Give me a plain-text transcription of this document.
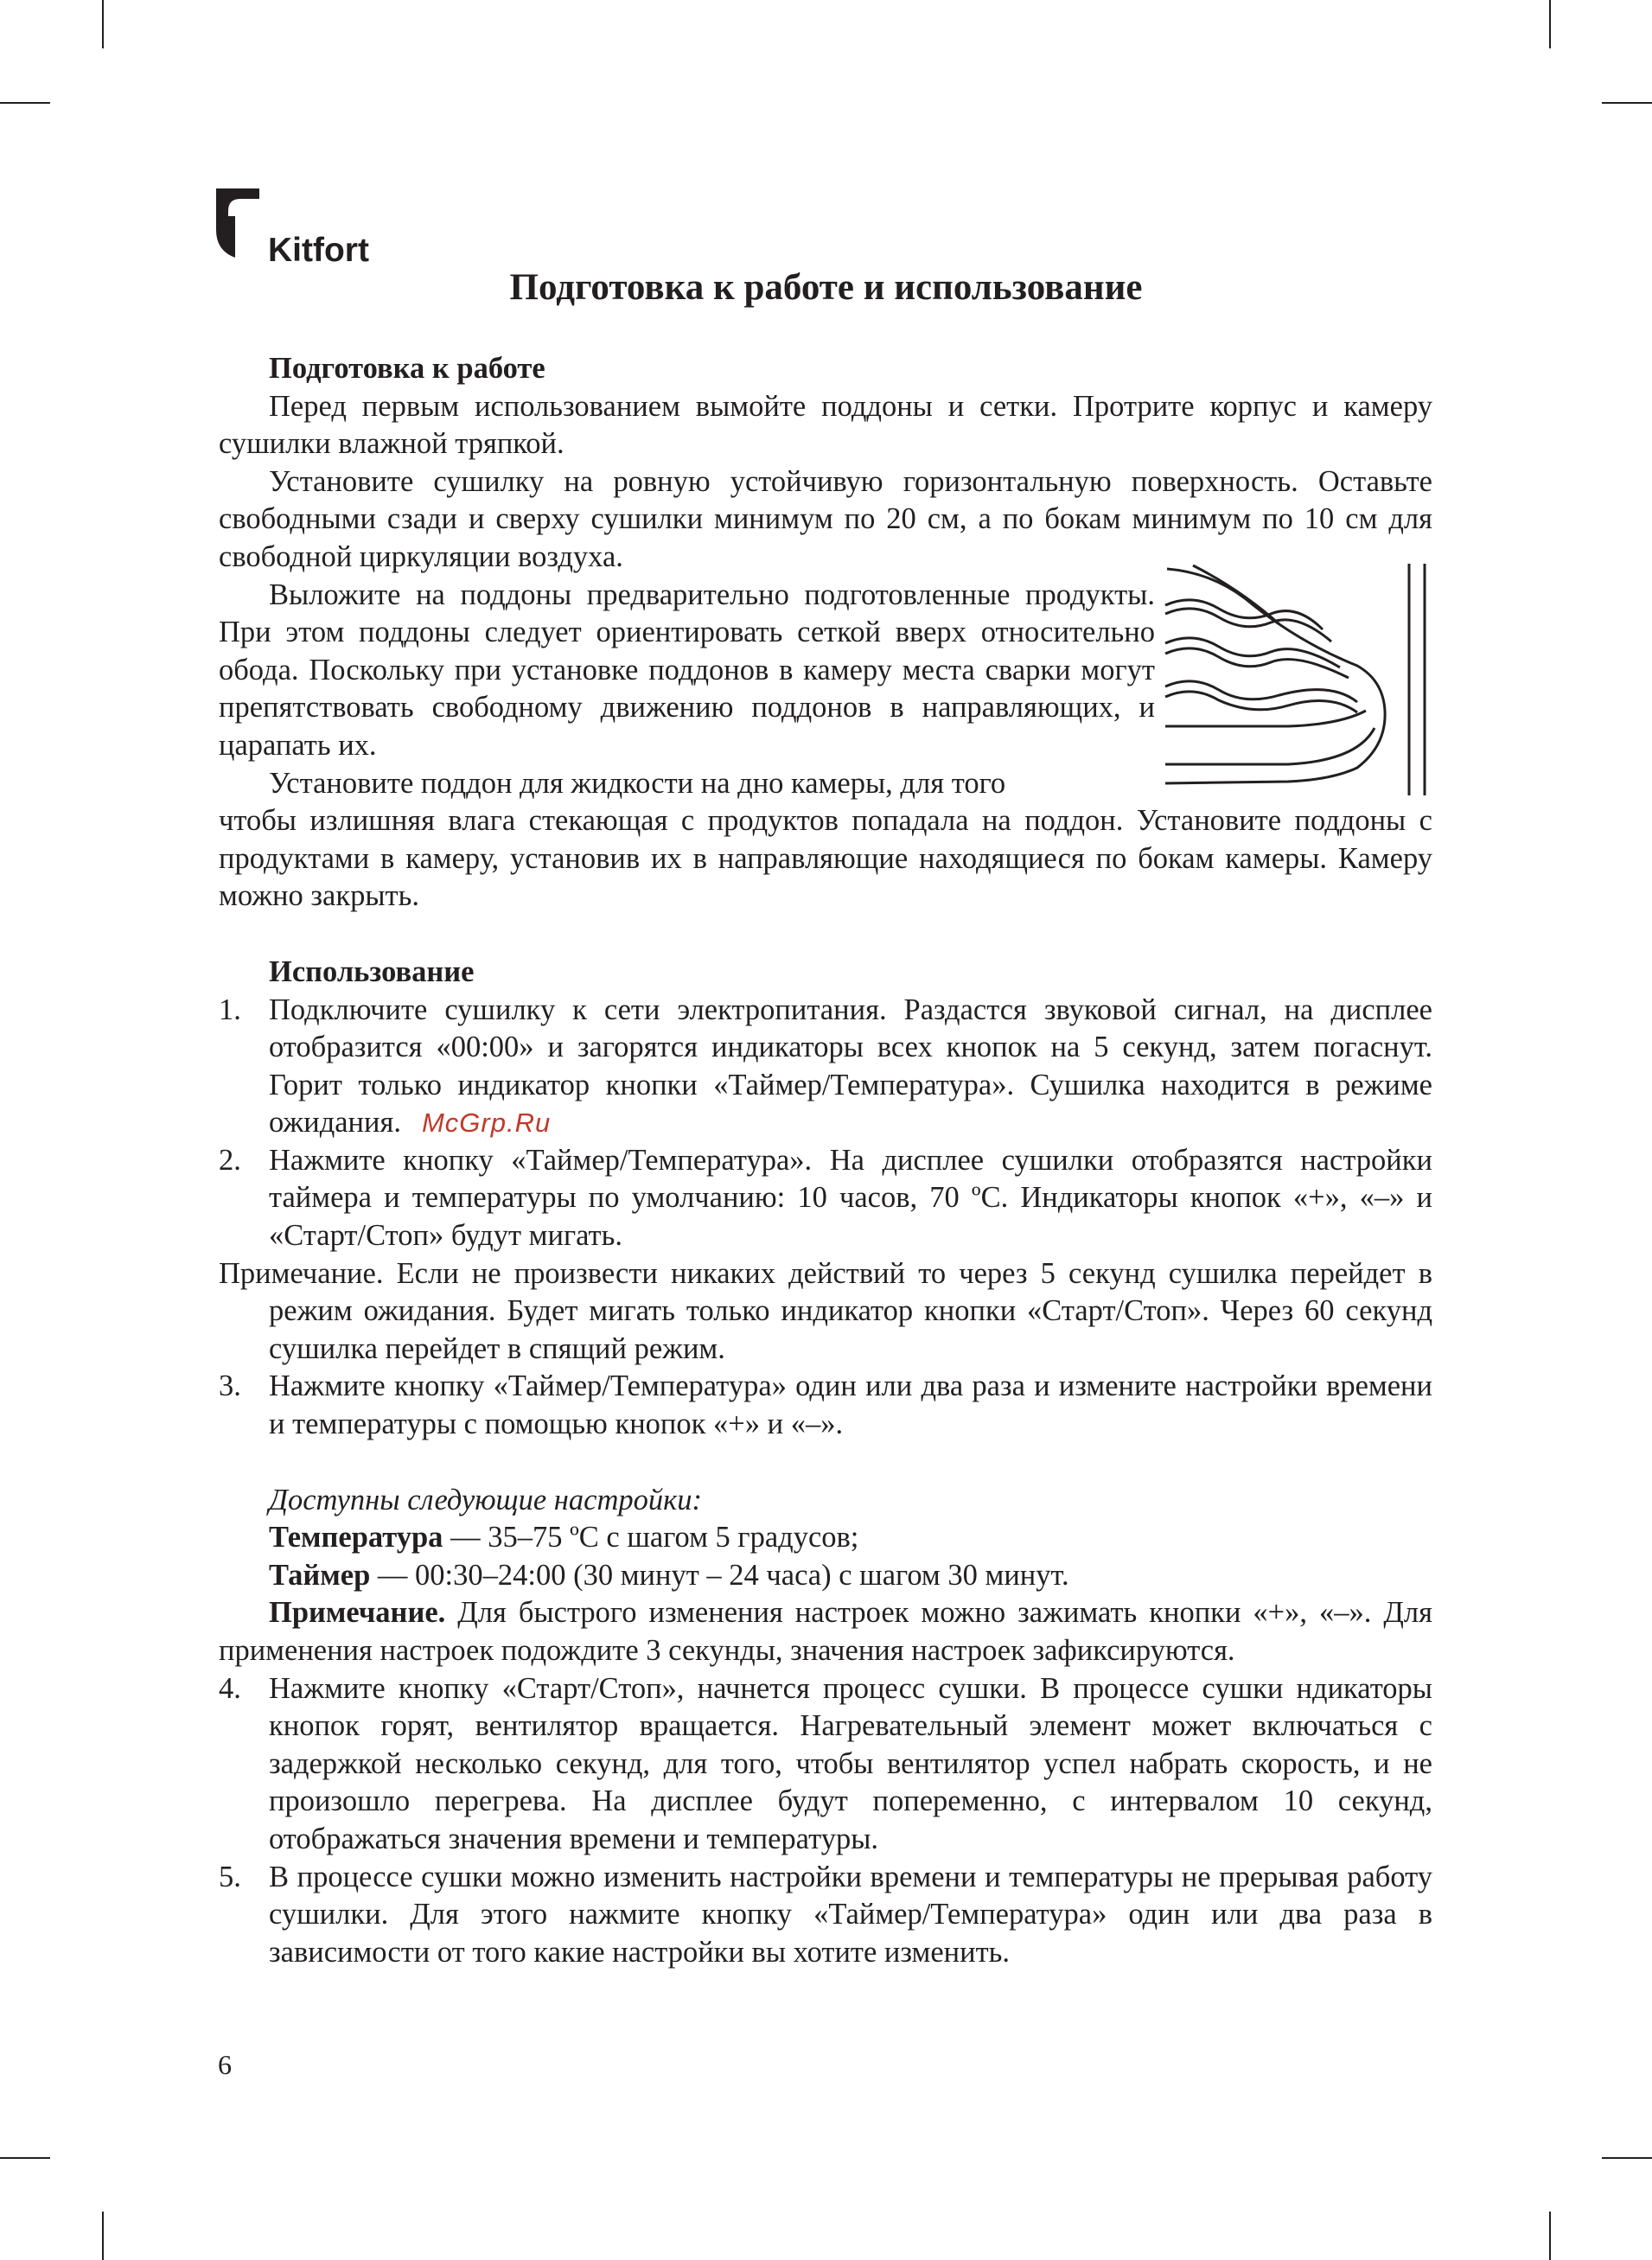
Kitfort
Подготовка к работе и использование

Подготовка к работе

Перед первым использованием вымойте поддоны и сетки. Протрите корпус и камеру сушилки влажной тряпкой.

Установите сушилку на ровную устойчивую горизонтальную поверхность. Оставьте свободными сзади и сверху сушилки минимум по 20 см, а по бокам минимум по 10 см для свободной циркуляции воздуха.

Выложите на поддоны предварительно подготовленные продукты. При этом поддоны следует ориентировать сеткой вверх относительно обода. Поскольку при установке поддонов в камеру места сварки могут препятствовать свободному движению поддонов в направляющих, и царапать их.

Установите поддон для жидкости на дно камеры, для того

чтобы излишняя влага стекающая с продуктов попадала на поддон. Установите поддоны с продуктами в камеру, установив их в направляющие находящиеся по бокам камеры. Камеру можно закрыть.

Использование

1. Подключите сушилку к сети электропитания. Раздастся звуковой сигнал, на дисплее отобразится «00:00» и загорятся индикаторы всех кнопок на 5 секунд, затем погаснут. Горит только индикатор кнопки «Таймер/Температура». Сушилка находится в режиме ожидания. McGrp.Ru
2. Нажмите кнопку «Таймер/Температура». На дисплее сушилки отобразятся настройки таймера и температуры по умолчанию: 10 часов, 70 ºС. Индикаторы кнопок «+», «–» и «Старт/Стоп» будут мигать.

Примечание. Если не произвести никаких действий то через 5 секунд сушилка перейдет в режим ожидания. Будет мигать только индикатор кнопки «Старт/Стоп». Через 60 секунд сушилка перейдет в спящий режим.

3. Нажмите кнопку «Таймер/Температура» один или два раза и измените настройки времени и температуры с помощью кнопок «+» и «–».

Доступны следующие настройки:

Температура — 35–75 ºС с шагом 5 градусов;

Таймер — 00:30–24:00 (30 минут – 24 часа) с шагом 30 минут.

Примечание. Для быстрого изменения настроек можно зажимать кнопки «+», «–». Для применения настроек подождите 3 секунды, значения настроек зафиксируются.

4. Нажмите кнопку «Старт/Стоп», начнется процесс сушки. В процессе сушки ндикаторы кнопок горят, вентилятор вращается. Нагревательный элемент может включаться с задержкой несколько секунд, для того, чтобы вентилятор успел набрать скорость, и не произошло перегрева. На дисплее будут попеременно, с интервалом 10 секунд, отображаться значения времени и температуры.
5. В процессе сушки можно изменить настройки времени и температуры не прерывая работу сушилки. Для этого нажмите кнопку «Таймер/Температура» один или два раза в зависимости от того какие настройки вы хотите изменить.
6
